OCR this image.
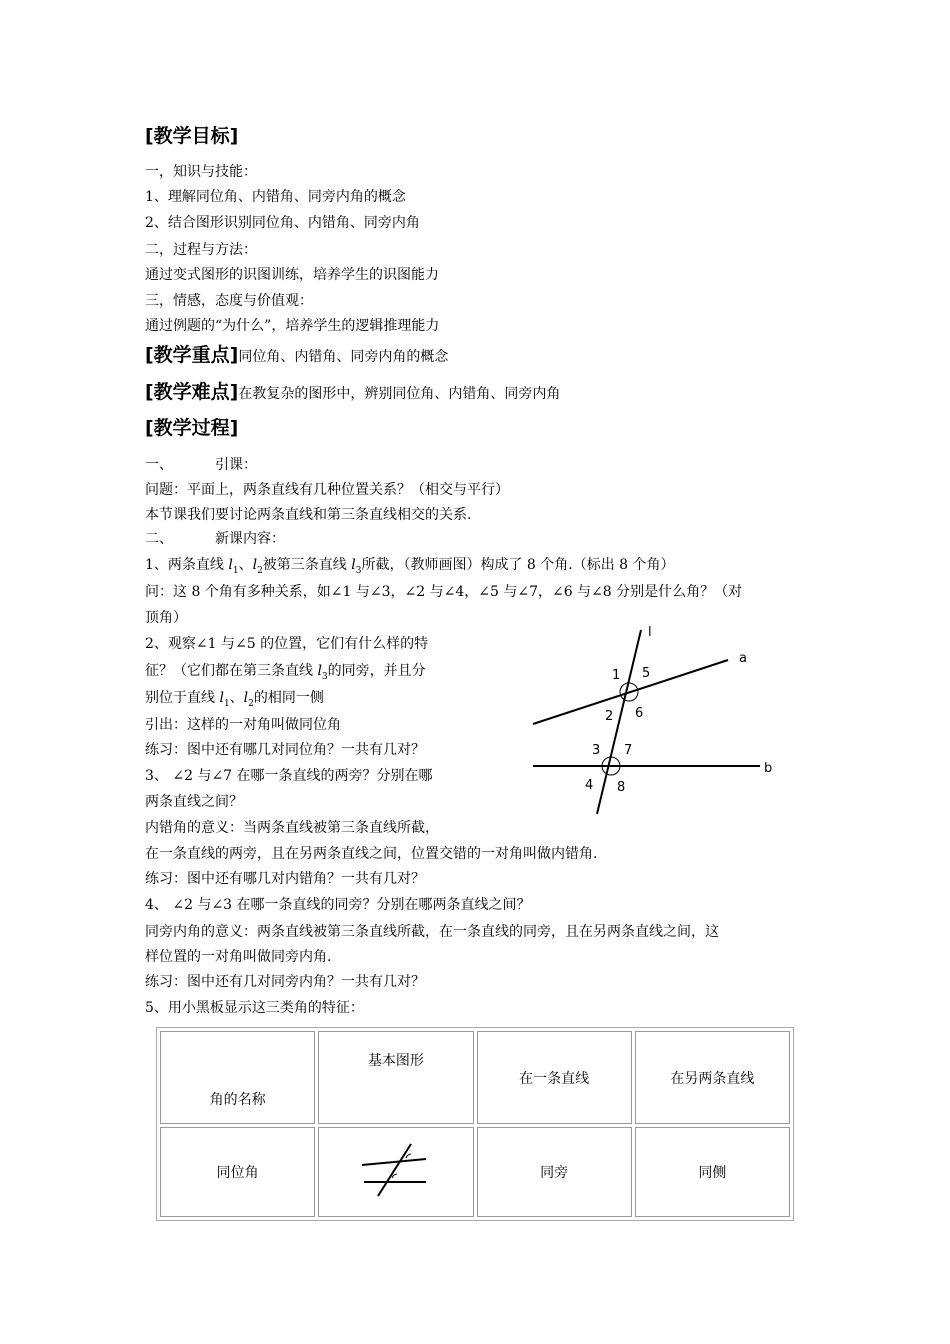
[教学目标]
一，知识与技能：
1、理解同位角、内错角、同旁内角的概念
2、结合图形识别同位角、内错角、同旁内角
二，过程与方法：
通过变式图形的识图训练，培养学生的识图能力
三，情感，态度与价值观：
通过例题的“为什么”，培养学生的逻辑推理能力
[教学重点]同位角、内错角、同旁内角的概念
[教学难点]在教复杂的图形中，辨别同位角、内错角、同旁内角
[教学过程]
一、	引课：
问题：平面上，两条直线有几种位置关系？（相交与平行）
本节课我们要讨论两条直线和第三条直线相交的关系.
二、	新课内容：
1、两条直线 $l_1$、$l_2$被第三条直线 $l_3$所截，（教师画图）构成了 8 个角.（标出 8 个角）
问：这 8 个角有多种关系，如∠1 与∠3，∠2 与∠4，∠5 与∠7，∠6 与∠8 分别是什么角？（对
顶角）
2、观察∠1 与∠5 的位置，它们有什么样的特
征？（它们都在第三条直线 $l_3$的同旁，并且分
别位于直线 $l_1$、$l_2$的相同一侧
引出：这样的一对角叫做同位角
练习：图中还有哪几对同位角？一共有几对？
3、 ∠2 与∠7 在哪一条直线的两旁？分别在哪
两条直线之间？
内错角的意义：当两条直线被第三条直线所截，
在一条直线的两旁，且在另两条直线之间，位置交错的一对角叫做内错角.
练习：图中还有哪几对内错角？一共有几对？
4、 ∠2 与∠3 在哪一条直线的同旁？分别在哪两条直线之间？
同旁内角的意义：两条直线被第三条直线所截，在一条直线的同旁，且在另两条直线之间，这
样位置的一对角叫做同旁内角.
练习：图中还有几对同旁内角？一共有几对？
5、用小黑板显示这三类角的特征：
l
a
b
1 5
2 6
3 7
4 8
角的名称	基本图形	在一条直线	在另两条直线
同位角		同旁	同侧
